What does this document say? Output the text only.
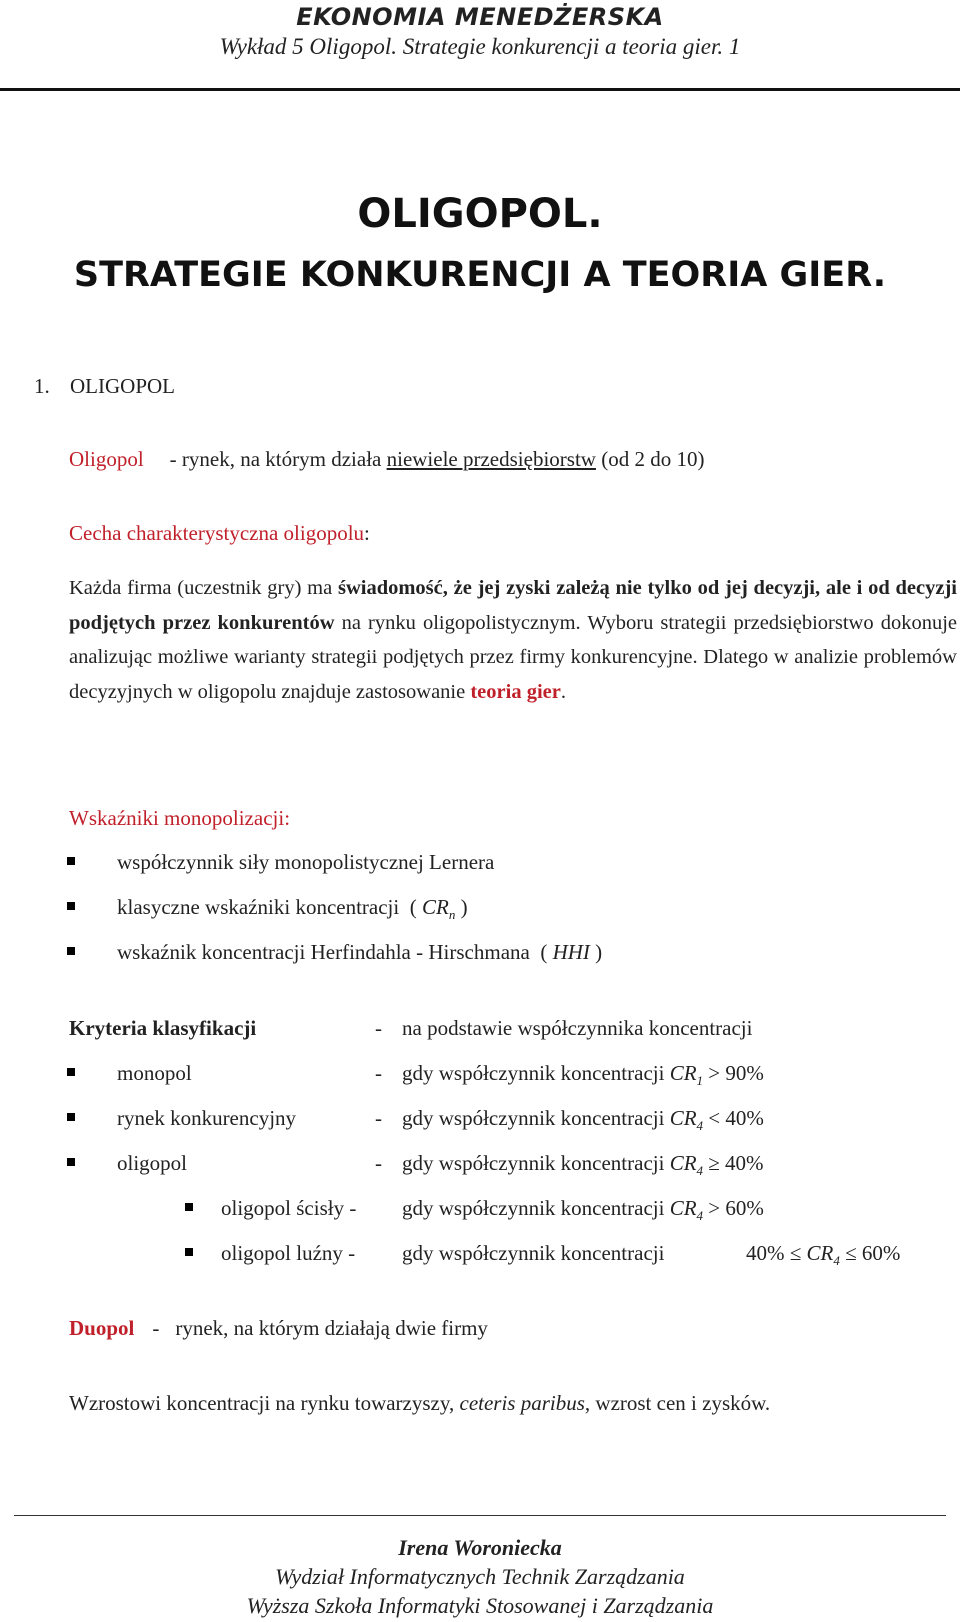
EKONOMIA MENEDŻERSKA
Wykład 5 Oligopol. Strategie konkurencji a teoria gier. 1
OLIGOPOL.
STRATEGIE KONKURENCJI A TEORIA GIER.
1. OLIGOPOL
Oligopol - rynek, na którym działa niewiele przedsiębiorstw (od 2 do 10)
Cecha charakterystyczna oligopolu:
Każda firma (uczestnik gry) ma świadomość, że jej zyski zależą nie tylko od jej decyzji, ale i od decyzji podjętych przez konkurentów na rynku oligopolistycznym. Wyboru strategii przedsiębiorstwo dokonuje analizując możliwe warianty strategii podjętych przez firmy konkurencyjne. Dlatego w analizie problemów decyzyjnych w oligopolu znajduje zastosowanie teoria gier.
Wskaźniki monopolizacji:
współczynnik siły monopolistycznej Lernera
klasyczne wskaźniki koncentracji  ( $CR_n$ )
wskaźnik koncentracji Herfindahla - Hirschmana  ( HHI )
Kryteria klasyfikacji	- na podstawie współczynnika koncentracji
monopol	- gdy współczynnik koncentracji $CR_1 > 90\%$
rynek konkurencyjny	- gdy współczynnik koncentracji $CR_4 < 40\%$
oligopol	- gdy współczynnik koncentracji $CR_4 \ge 40\%$
oligopol ścisły - gdy współczynnik koncentracji $CR_4 > 60\%$
oligopol luźny - gdy współczynnik koncentracji	$40\% \le CR_4 \le 60\%$
Duopol - rynek, na którym działają dwie firmy
Wzrostowi koncentracji na rynku towarzyszy, ceteris paribus, wzrost cen i zysków.
Irena Woroniecka
Wydział Informatycznych Technik Zarządzania
Wyższa Szkoła Informatyki Stosowanej i Zarządzania
